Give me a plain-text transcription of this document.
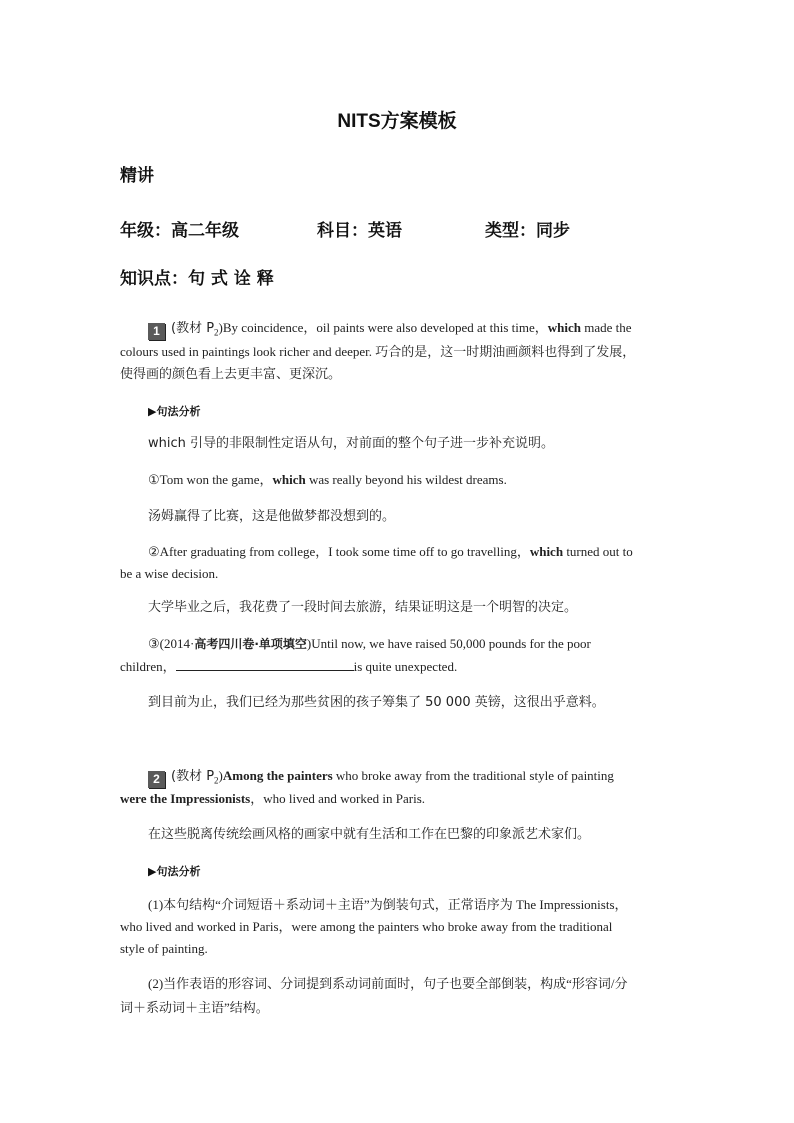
NITS方案模板
精讲
年级：高二年级	科目：英语	类型：同步
知识点：句 式 诠 释
1 (教材 $P_2)By$ coincidence，oil paints were also developed at this time，which made the
colours used in paintings look richer and deeper. 巧合的是，这一时期油画颜料也得到了发展，
使得画的颜色看上去更丰富、更深沉。
▶句法分析
which 引导的非限制性定语从句，对前面的整个句子进一步补充说明。
①Tom won the game，which was really beyond his wildest dreams.
汤姆赢得了比赛，这是他做梦都没想到的。
②After graduating from college，I took some time off to go travelling，which turned out to
be a wise decision.
大学毕业之后，我花费了一段时间去旅游，结果证明这是一个明智的决定。
③(2014·高考四川卷·单项填空)Until now, we have raised 50,000 pounds for the poor
children，	is quite unexpected.
到目前为止，我们已经为那些贫困的孩子筹集了 50 000 英镑，这很出乎意料。
2 (教材 $P_2)Among$ the painters who broke away from the traditional style of painting
were the Impressionists，who lived and worked in Paris.
在这些脱离传统绘画风格的画家中就有生活和工作在巴黎的印象派艺术家们。
▶句法分析
(1)本句结构“介词短语＋系动词＋主语”为倒装句式，正常语序为 The Impressionists，
who lived and worked in Paris，were among the painters who broke away from the traditional
style of painting.
(2)当作表语的形容词、分词提到系动词前面时，句子也要全部倒装，构成“形容词/分
词＋系动词＋主语”结构。
